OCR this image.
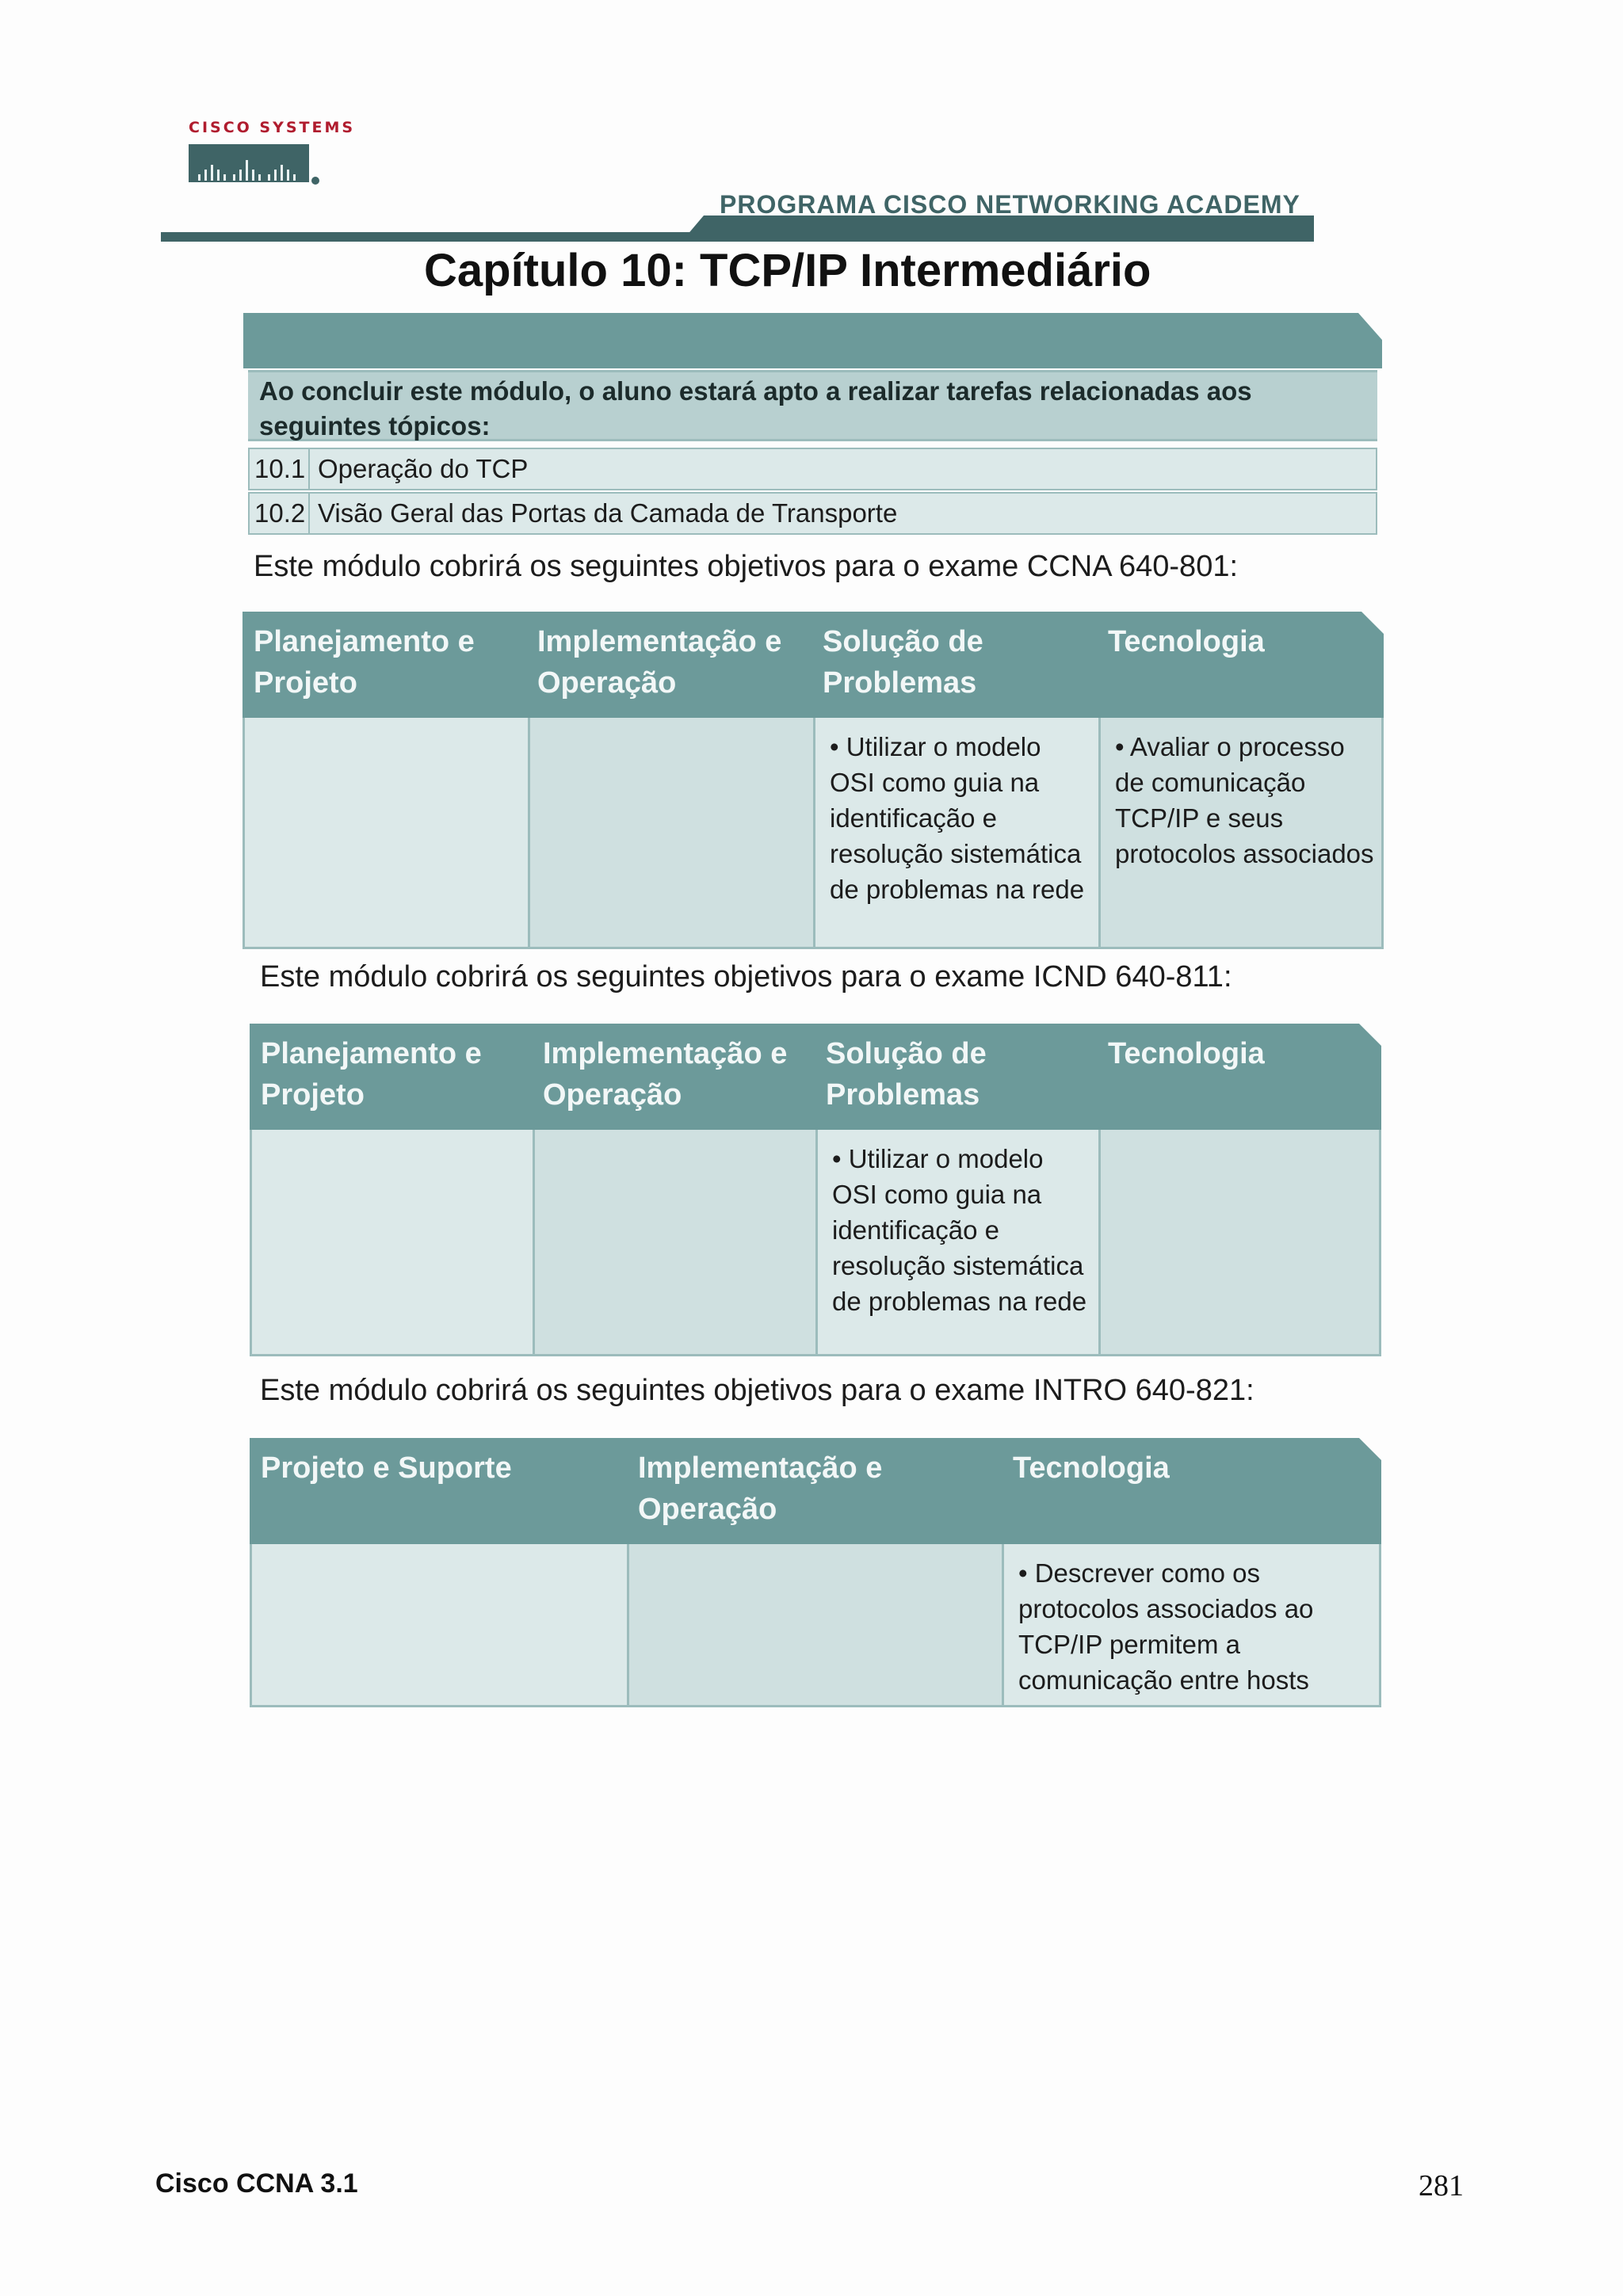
CISCO SYSTEMS
PROGRAMA CISCO NETWORKING ACADEMY
Capítulo 10: TCP/IP Intermediário
Ao concluir este módulo, o aluno estará apto a realizar tarefas relacionadas aos seguintes tópicos:
10.1 Operação do TCP
10.2 Visão Geral das Portas da Camada de Transporte
Este módulo cobrirá os seguintes objetivos para o exame CCNA 640-801:
Planejamento e Projeto
Implementação e Operação
Solução de Problemas
Tecnologia
• Utilizar o modelo OSI como guia na identificação e resolução sistemática de problemas na rede
• Avaliar o processo de comunicação TCP/IP e seus protocolos associados
Este módulo cobrirá os seguintes objetivos para o exame ICND 640-811:
Planejamento e Projeto
Implementação e Operação
Solução de Problemas
Tecnologia
• Utilizar o modelo OSI como guia na identificação e resolução sistemática de problemas na rede
Este módulo cobrirá os seguintes objetivos para o exame INTRO 640-821:
Projeto e Suporte	Implementação e Operação
Tecnologia
• Descrever como os protocolos associados ao TCP/IP permitem a comunicação entre hosts
Cisco CCNA 3.1	281
